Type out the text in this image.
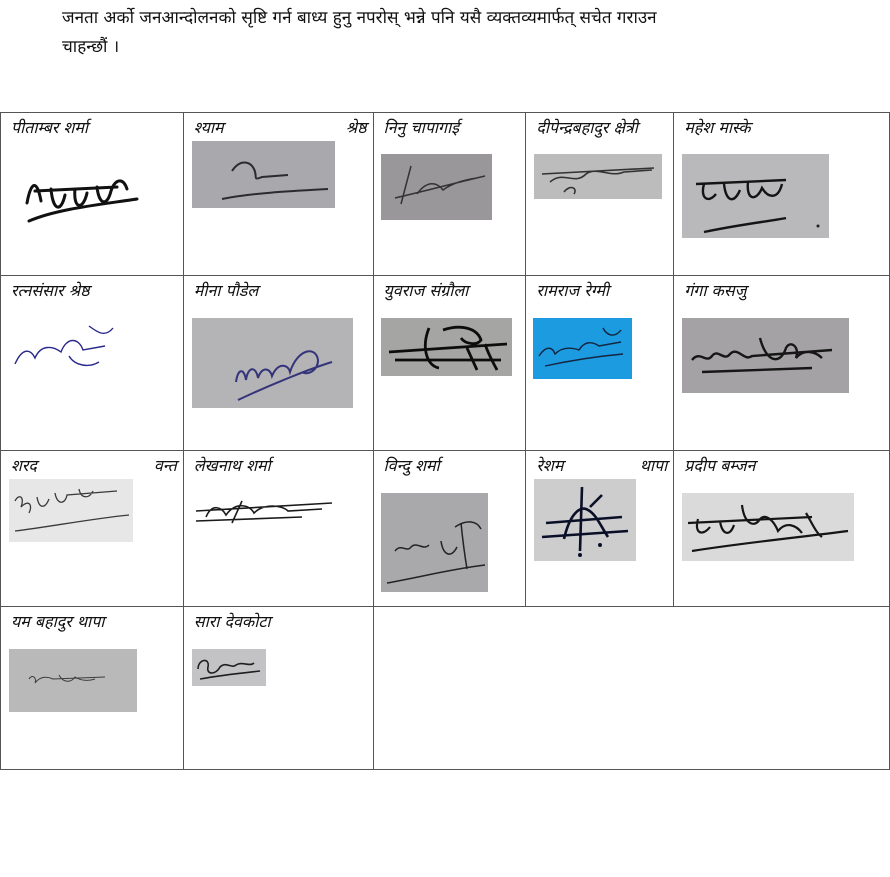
जनता अर्को जनआन्दोलनको सृष्टि गर्न बाध्य हुनु नपरोस् भन्ने पनि यसै व्यक्तव्यमार्फत् सचेत गराउन
चाहन्छौं ।
पीताम्बर शर्मा	श्याम श्रेष्ठ	निनु चापागाई	दीपेन्द्रबहादुर क्षेत्री	महेश मास्के

रत्नसंसार श्रेष्ठ	मीना पौडेल	युवराज संग्रौला	रामराज रेग्मी	गंगा कसजु

शरद वन्त	लेखनाथ शर्मा	विन्दु शर्मा	रेशम थापा	प्रदीप बम्जन

यम बहादुर थापा	सारा देवकोटा			
